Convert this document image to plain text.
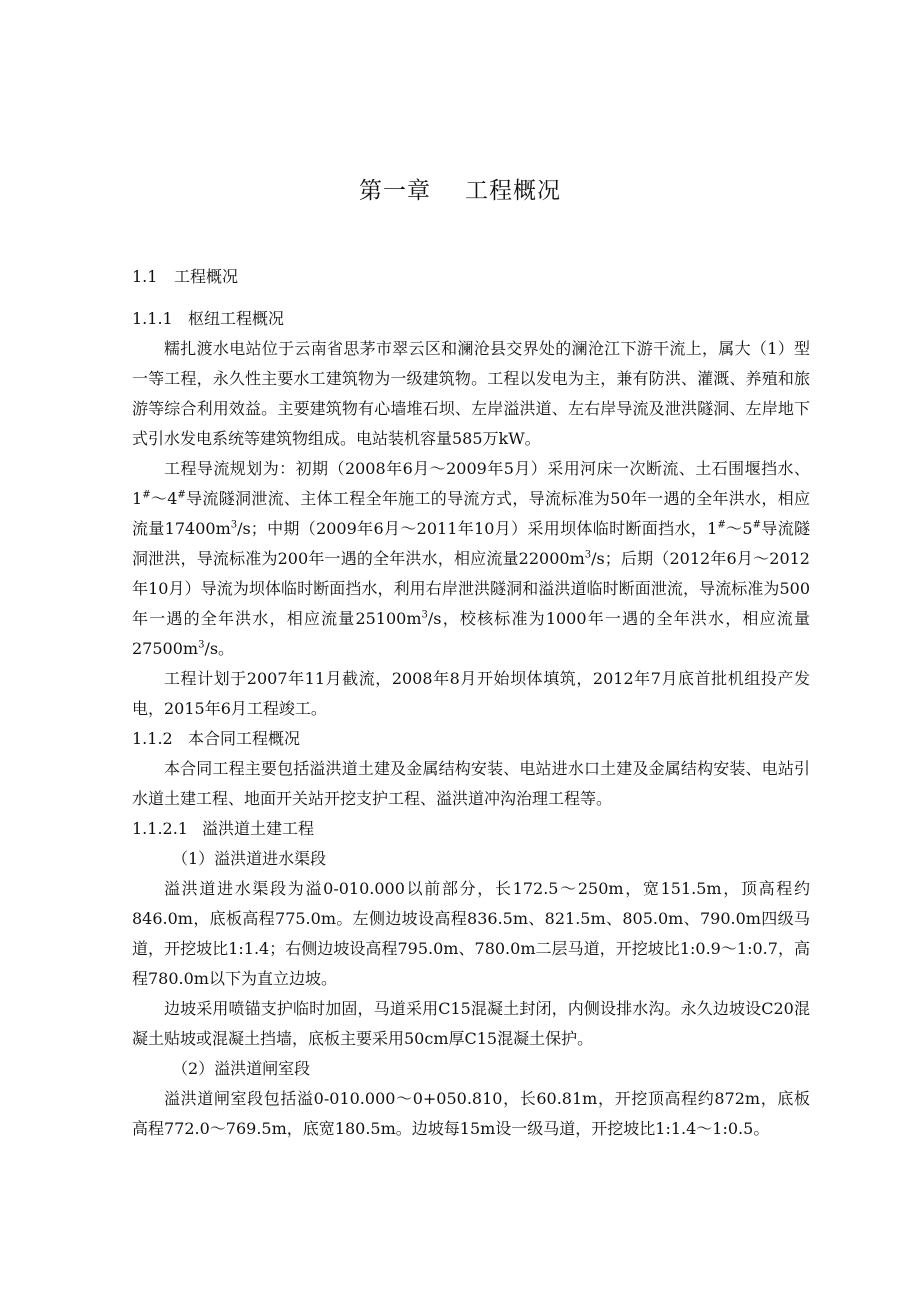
第一章 工程概况

1.1 工程概况

1.1.1 枢纽工程概况

糯扎渡水电站位于云南省思茅市翠云区和澜沧县交界处的澜沧江下游干流上，属大（1）型一等工程，永久性主要水工建筑物为一级建筑物。工程以发电为主，兼有防洪、灌溉、养殖和旅游等综合利用效益。主要建筑物有心墙堆石坝、左岸溢洪道、左右岸导流及泄洪隧洞、左岸地下式引水发电系统等建筑物组成。电站装机容量585万kW。

工程导流规划为：初期（2008年6月～2009年5月）采用河床一次断流、土石围堰挡水、1#～4#导流隧洞泄流、主体工程全年施工的导流方式，导流标准为50年一遇的全年洪水，相应流量$17400m^3/s$；中期（2009年6月～2011年10月）采用坝体临时断面挡水，1#～5#导流隧洞泄洪，导流标准为200年一遇的全年洪水，相应流量$22000m^3/s$；后期（2012年6月～2012年10月）导流为坝体临时断面挡水，利用右岸泄洪隧洞和溢洪道临时断面泄流，导流标准为500年一遇的全年洪水，相应流量$25100m^3/s$，校核标准为1000年一遇的全年洪水，相应流量$27500m^3/s$。

工程计划于2007年11月截流，2008年8月开始坝体填筑，2012年7月底首批机组投产发电，2015年6月工程竣工。

1.1.2 本合同工程概况

本合同工程主要包括溢洪道土建及金属结构安装、电站进水口土建及金属结构安装、电站引水道土建工程、地面开关站开挖支护工程、溢洪道冲沟治理工程等。

1.1.2.1 溢洪道土建工程

（1）溢洪道进水渠段

溢洪道进水渠段为溢0-010.000以前部分，长172.5～250m，宽151.5m，顶高程约846.0m，底板高程775.0m。左侧边坡设高程836.5m、821.5m、805.0m、790.0m四级马道，开挖坡比1:1.4；右侧边坡设高程795.0m、780.0m二层马道，开挖坡比1:0.9～1:0.7，高程780.0m以下为直立边坡。

边坡采用喷锚支护临时加固，马道采用C15混凝土封闭，内侧设排水沟。永久边坡设C20混凝土贴坡或混凝土挡墙，底板主要采用50cm厚C15混凝土保护。

（2）溢洪道闸室段

溢洪道闸室段包括溢0-010.000～0+050.810，长60.81m，开挖顶高程约872m，底板高程772.0～769.5m，底宽180.5m。边坡每15m设一级马道，开挖坡比1:1.4～1:0.5。
